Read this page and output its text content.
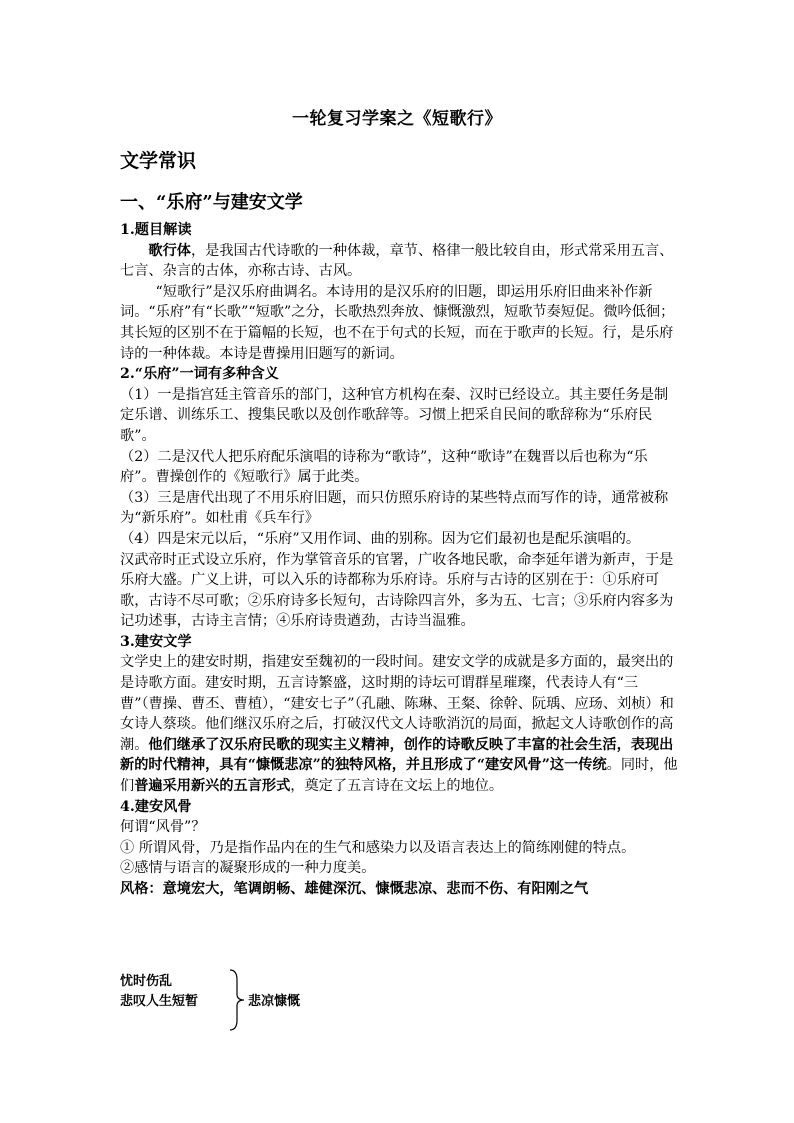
一轮复习学案之《短歌行》
文学常识
一、“乐府”与建安文学

1.题目解读

歌行体，是我国古代诗歌的一种体裁，章节、格律一般比较自由，形式常采用五言、七言、杂言的古体，亦称古诗、古风。

“短歌行”是汉乐府曲调名。本诗用的是汉乐府的旧题，即运用乐府旧曲来补作新词。“乐府”有“长歌”“短歌”之分，长歌热烈奔放、慷慨激烈，短歌节奏短促。微吟低徊；其长短的区别不在于篇幅的长短，也不在于句式的长短，而在于歌声的长短。行，是乐府诗的一种体裁。本诗是曹操用旧题写的新词。

2.“乐府”一词有多种含义

（1）一是指宫廷主管音乐的部门，这种官方机构在秦、汉时已经设立。其主要任务是制定乐谱、训练乐工、搜集民歌以及创作歌辞等。习惯上把采自民间的歌辞称为“乐府民歌”。

（2）二是汉代人把乐府配乐演唱的诗称为“歌诗”，这种“歌诗”在魏晋以后也称为“乐府”。曹操创作的《短歌行》属于此类。

（3）三是唐代出现了不用乐府旧题，而只仿照乐府诗的某些特点而写作的诗，通常被称为“新乐府”。如杜甫《兵车行》

（4）四是宋元以后，“乐府”又用作词、曲的别称。因为它们最初也是配乐演唱的。

汉武帝时正式设立乐府，作为掌管音乐的官署，广收各地民歌，命李延年谱为新声，于是乐府大盛。广义上讲，可以入乐的诗都称为乐府诗。乐府与古诗的区别在于：①乐府可歌，古诗不尽可歌；②乐府诗多长短句，古诗除四言外，多为五、七言；③乐府内容多为记功述事，古诗主言情；④乐府诗贵遒劲，古诗当温雅。

3.建安文学

文学史上的建安时期，指建安至魏初的一段时间。建安文学的成就是多方面的，最突出的是诗歌方面。建安时期，五言诗繁盛，这时期的诗坛可谓群星璀璨，代表诗人有“三曹”（曹操、曹丕、曹植），“建安七子”（孔融、陈琳、王粲、徐幹、阮瑀、应玚、刘桢）和女诗人蔡琰。他们继汉乐府之后，打破汉代文人诗歌消沉的局面，掀起文人诗歌创作的高潮。他们继承了汉乐府民歌的现实主义精神，创作的诗歌反映了丰富的社会生活，表现出新的时代精神，具有“慷慨悲凉”的独特风格，并且形成了“建安风骨”这一传统。同时，他们普遍采用新兴的五言形式，奠定了五言诗在文坛上的地位。

4.建安风骨

何谓“风骨”？

① 所谓风骨，乃是指作品内在的生气和感染力以及语言表达上的简练刚健的特点。

②感情与语言的凝聚形成的一种力度美。

风格：意境宏大，笔调朗畅、雄健深沉、慷慨悲凉、悲而不伤、有阳刚之气

忧时伤乱
悲叹人生短暂	悲凉慷慨
